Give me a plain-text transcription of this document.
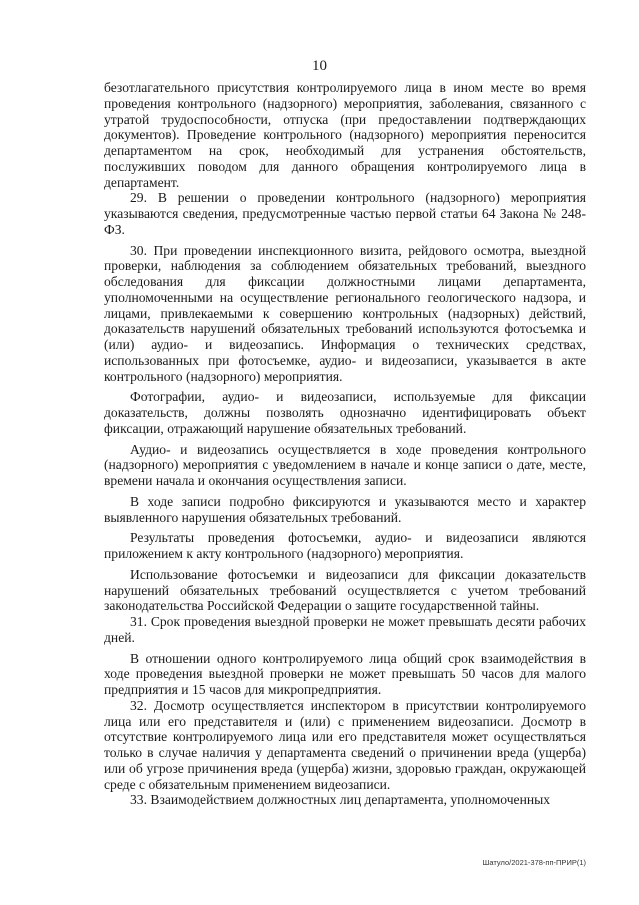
10

безотлагательного присутствия контролируемого лица в ином месте во время проведения контрольного (надзорного) мероприятия, заболевания, связанного с утратой трудоспособности, отпуска (при предоставлении подтверждающих документов). Проведение контрольного (надзорного) мероприятия переносится департаментом на срок, необходимый для устранения обстоятельств, послуживших поводом для данного обращения контролируемого лица в департамент.

29. В решении о проведении контрольного (надзорного) мероприятия указываются сведения, предусмотренные частью первой статьи 64 Закона № 248-ФЗ.

30. При проведении инспекционного визита, рейдового осмотра, выездной проверки, наблюдения за соблюдением обязательных требований, выездного обследования для фиксации должностными лицами департамента, уполномоченными на осуществление регионального геологического надзора, и лицами, привлекаемыми к совершению контрольных (надзорных) действий, доказательств нарушений обязательных требований используются фотосъемка и (или) аудио- и видеозапись. Информация о технических средствах, использованных при фотосъемке, аудио- и видеозаписи, указывается в акте контрольного (надзорного) мероприятия.

Фотографии, аудио- и видеозаписи, используемые для фиксации доказательств, должны позволять однозначно идентифицировать объект фиксации, отражающий нарушение обязательных требований.

Аудио- и видеозапись осуществляется в ходе проведения контрольного (надзорного) мероприятия с уведомлением в начале и конце записи о дате, месте, времени начала и окончания осуществления записи.

В ходе записи подробно фиксируются и указываются место и характер выявленного нарушения обязательных требований.

Результаты проведения фотосъемки, аудио- и видеозаписи являются приложением к акту контрольного (надзорного) мероприятия.

Использование фотосъемки и видеозаписи для фиксации доказательств нарушений обязательных требований осуществляется с учетом требований законодательства Российской Федерации о защите государственной тайны.

31. Срок проведения выездной проверки не может превышать десяти рабочих дней.

В отношении одного контролируемого лица общий срок взаимодействия в ходе проведения выездной проверки не может превышать 50 часов для малого предприятия и 15 часов для микропредприятия.

32. Досмотр осуществляется инспектором в присутствии контролируемого лица или его представителя и (или) с применением видеозаписи. Досмотр в отсутствие контролируемого лица или его представителя может осуществляться только в случае наличия у департамента сведений о причинении вреда (ущерба) или об угрозе причинения вреда (ущерба) жизни, здоровью граждан, окружающей среде с обязательным применением видеозаписи.

33. Взаимодействием должностных лиц департамента, уполномоченных

Шатуло/2021-378-пп-ПРИР(1)
